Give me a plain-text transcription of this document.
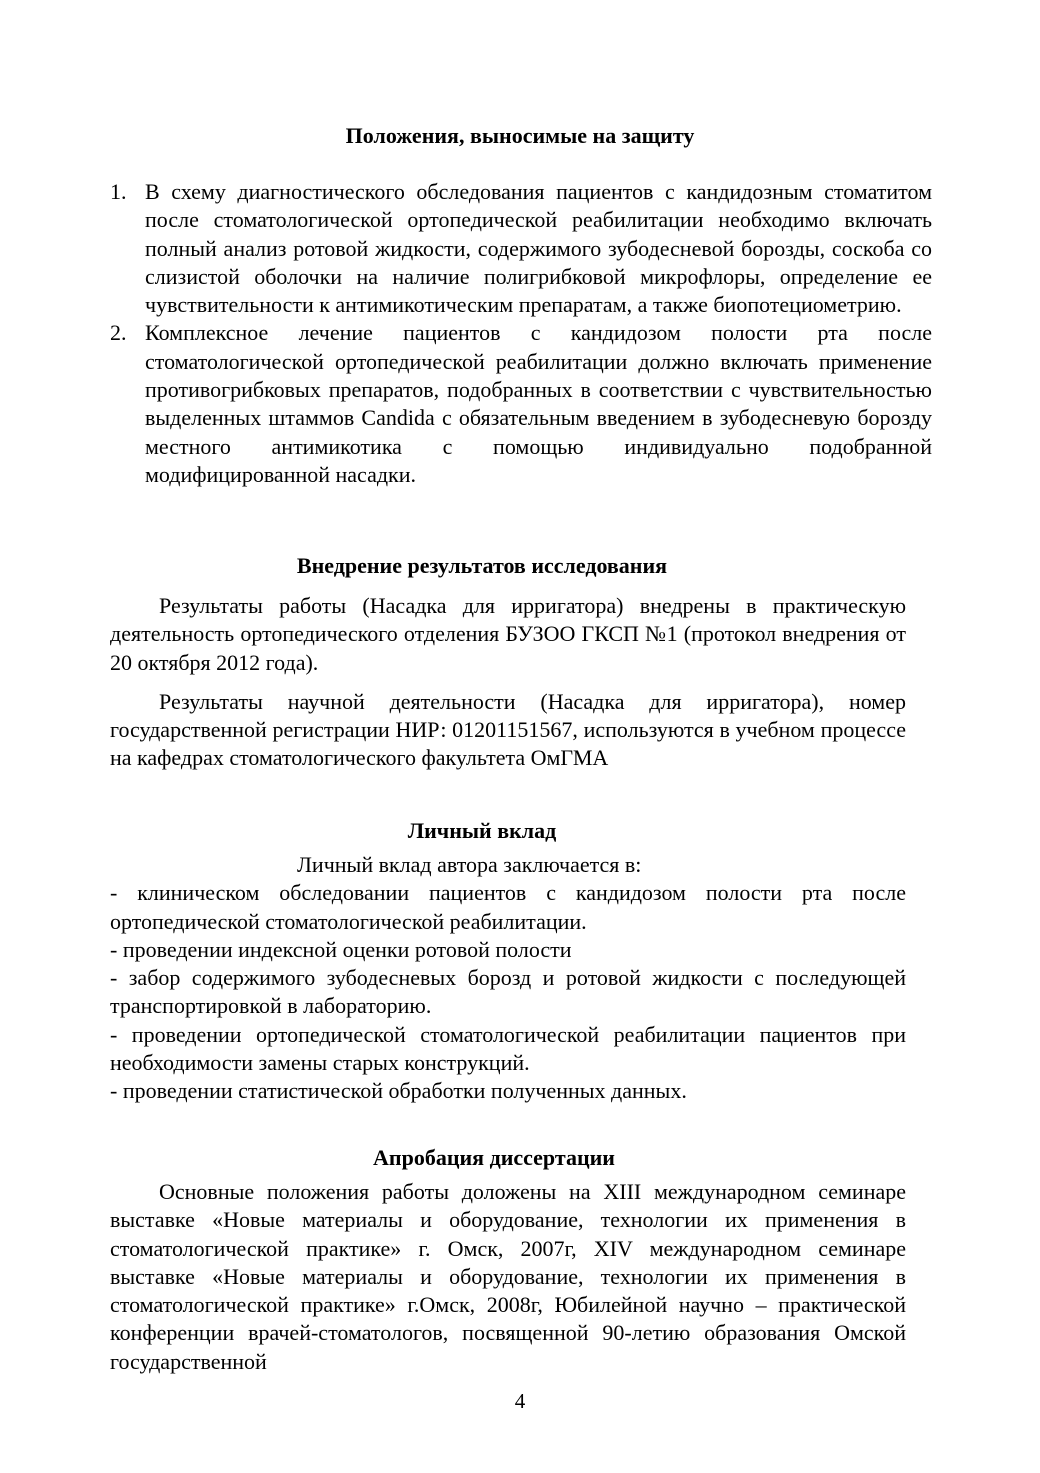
Положения, выносимые на защиту
1. В схему диагностического обследования пациентов с кандидозным стоматитом после стоматологической ортопедической реабилитации необходимо включать полный анализ ротовой жидкости, содержимого зубодесневой борозды, соскоба со слизистой оболочки на наличие полигрибковой микрофлоры, определение ее чувствительности к антимикотическим препаратам, а также биопотециометрию.
2. Комплексное лечение пациентов с кандидозом полости рта после стоматологической ортопедической реабилитации должно включать применение противогрибковых препаратов, подобранных в соответствии с чувствительностью выделенных штаммов Candida с обязательным введением в зубодесневую борозду местного антимикотика с помощью индивидуально подобранной модифицированной насадки.
Внедрение результатов исследования

Результаты работы (Насадка для ирригатора) внедрены в практическую деятельность ортопедического отделения БУЗОО ГКСП №1 (протокол внедрения от 20 октября 2012 года).

Результаты научной деятельности (Насадка для ирригатора), номер государственной регистрации НИР: 01201151567, используются в учебном процессе на кафедрах стоматологического факультета ОмГМА

Личный вклад

Личный вклад автора заключается в:

- клиническом обследовании пациентов с кандидозом полости рта после ортопедической стоматологической реабилитации.

- проведении индексной оценки ротовой полости

- забор содержимого зубодесневых борозд и ротовой жидкости с последующей транспортировкой в лабораторию.

- проведении ортопедической стоматологической реабилитации пациентов при необходимости замены старых конструкций.

- проведении статистической обработки полученных данных.

Апробация диссертации

Основные положения работы доложены на XIII международном семинаре выставке «Новые материалы и оборудование, технологии их применения в стоматологической практике» г. Омск, 2007г, XIV международном семинаре выставке «Новые материалы и оборудование, технологии их применения в стоматологической практике» г.Омск, 2008г, Юбилейной научно – практической конференции врачей-стоматологов, посвященной 90-летию образования Омской государственной

4
